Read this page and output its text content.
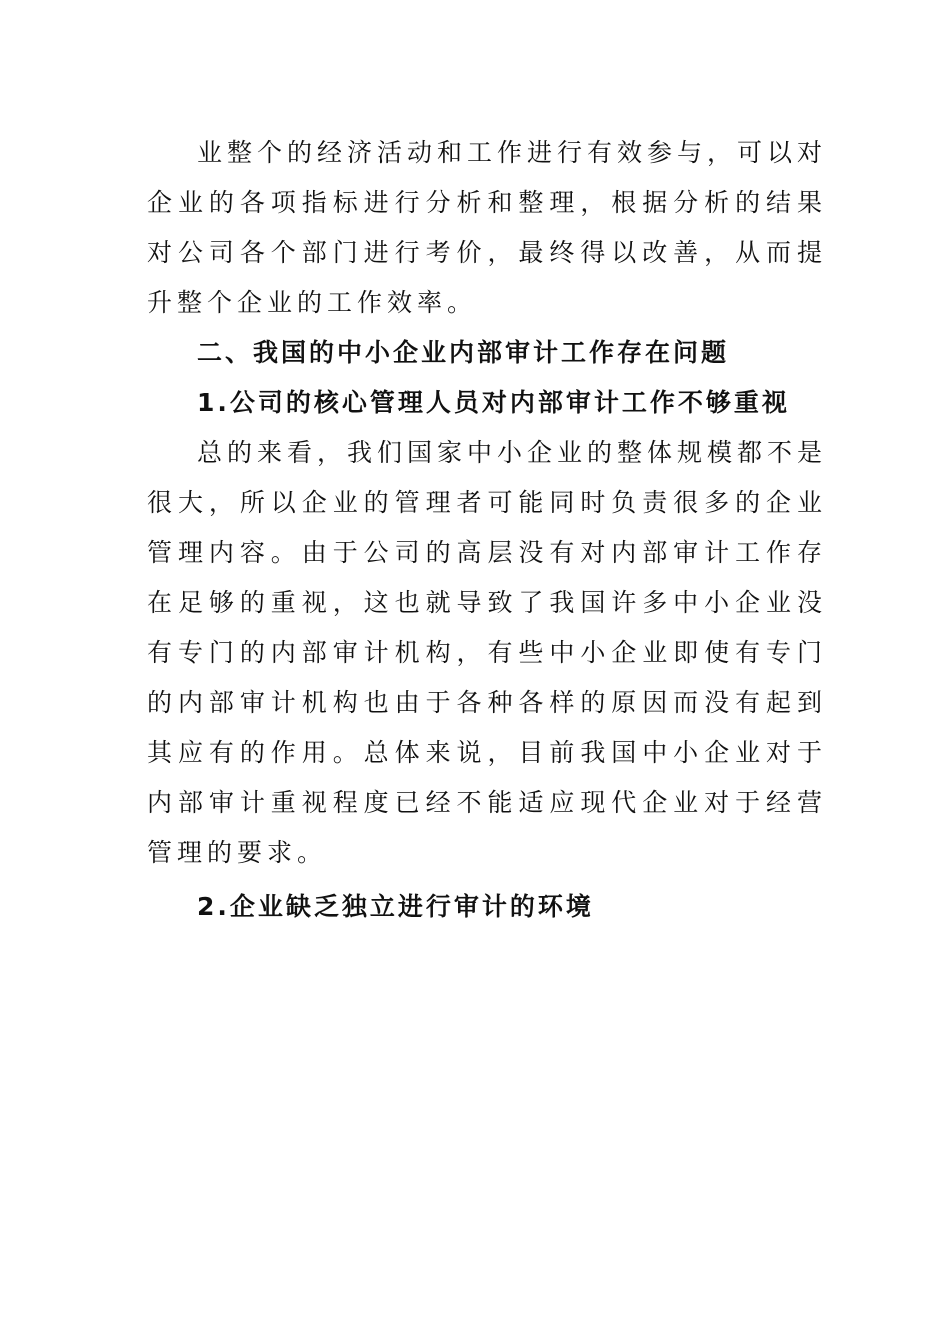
业整个的经济活动和工作进行有效参与，可以对企业的各项指标进行分析和整理，根据分析的结果对公司各个部门进行考价，最终得以改善，从而提升整个企业的工作效率。

二、我国的中小企业内部审计工作存在问题

1.公司的核心管理人员对内部审计工作不够重视

总的来看，我们国家中小企业的整体规模都不是很大，所以企业的管理者可能同时负责很多的企业管理内容。由于公司的高层没有对内部审计工作存在足够的重视，这也就导致了我国许多中小企业没有专门的内部审计机构，有些中小企业即使有专门的内部审计机构也由于各种各样的原因而没有起到其应有的作用。总体来说，目前我国中小企业对于内部审计重视程度已经不能适应现代企业对于经营管理的要求。

2.企业缺乏独立进行审计的环境
